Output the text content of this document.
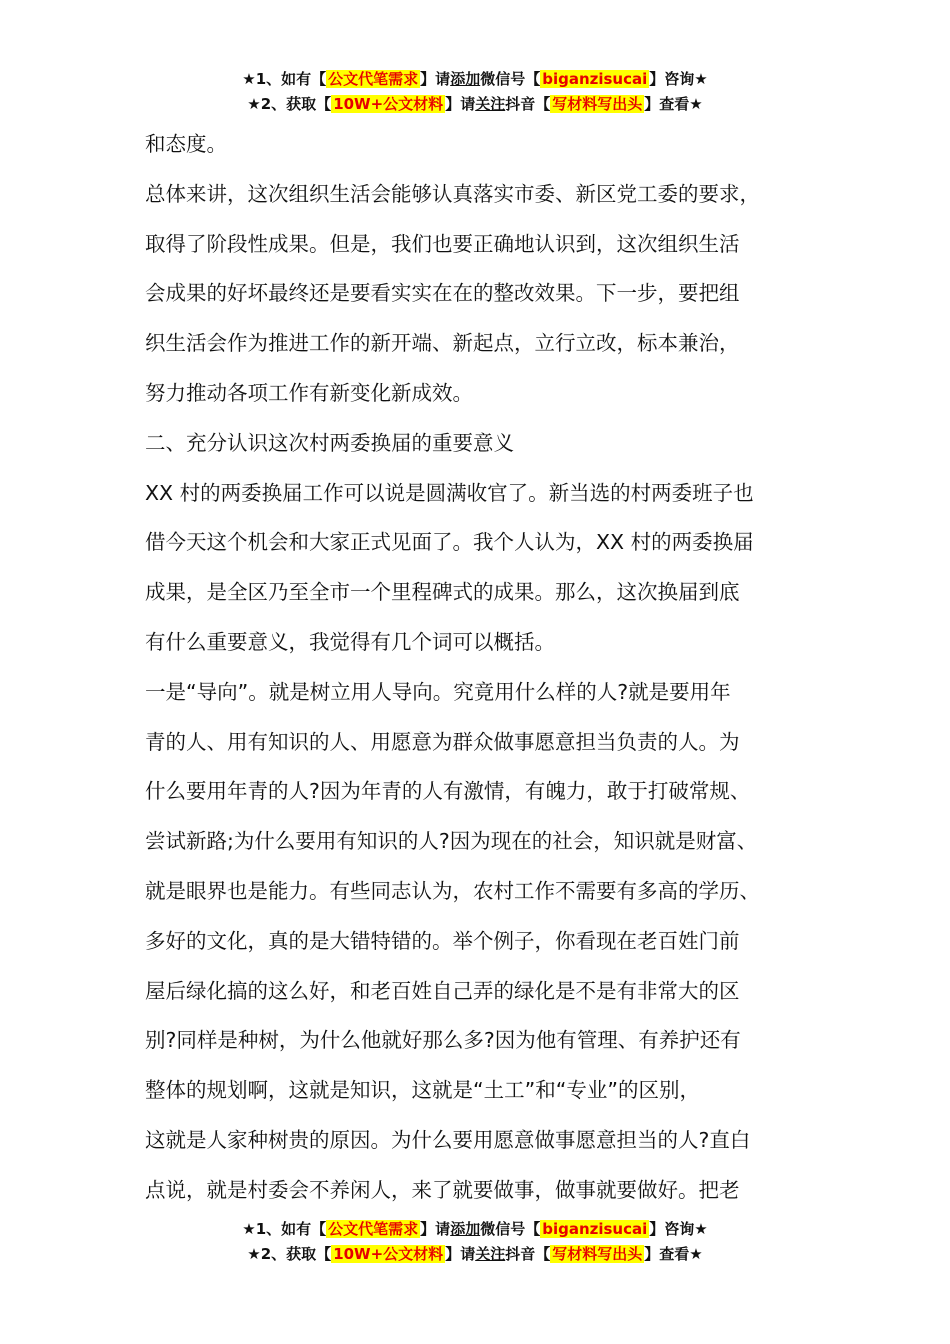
★1、如有【 公文代笔需求 】请添加微信号【 biganzisucai 】咨询★
★2、获取【 10W+公文材料 】请关注抖音【 写材料写出头 】查看★

和态度。

总体来讲，这次组织生活会能够认真落实市委、新区党工委的要求，
取得了阶段性成果。但是，我们也要正确地认识到，这次组织生活
会成果的好坏最终还是要看实实在在的整改效果。下一步，要把组
织生活会作为推进工作的新开端、新起点，立行立改，标本兼治，
努力推动各项工作有新变化新成效。

二、充分认识这次村两委换届的重要意义

XX 村的两委换届工作可以说是圆满收官了。新当选的村两委班子也
借今天这个机会和大家正式见面了。我个人认为，XX 村的两委换届
成果，是全区乃至全市一个里程碑式的成果。那么，这次换届到底
有什么重要意义，我觉得有几个词可以概括。

一是“导向”。就是树立用人导向。究竟用什么样的人?就是要用年
青的人、用有知识的人、用愿意为群众做事愿意担当负责的人。为
什么要用年青的人?因为年青的人有激情，有魄力，敢于打破常规、
尝试新路;为什么要用有知识的人?因为现在的社会，知识就是财富、
就是眼界也是能力。有些同志认为，农村工作不需要有多高的学历、
多好的文化，真的是大错特错的。举个例子，你看现在老百姓门前
屋后绿化搞的这么好，和老百姓自己弄的绿化是不是有非常大的区
别?同样是种树，为什么他就好那么多?因为他有管理、有养护还有
整体的规划啊，这就是知识，这就是“土工”和“专业”的区别，
这就是人家种树贵的原因。为什么要用愿意做事愿意担当的人?直白
点说，就是村委会不养闲人，来了就要做事，做事就要做好。把老

★1、如有【 公文代笔需求 】请添加微信号【 biganzisucai 】咨询★
★2、获取【 10W+公文材料 】请关注抖音【 写材料写出头 】查看★
